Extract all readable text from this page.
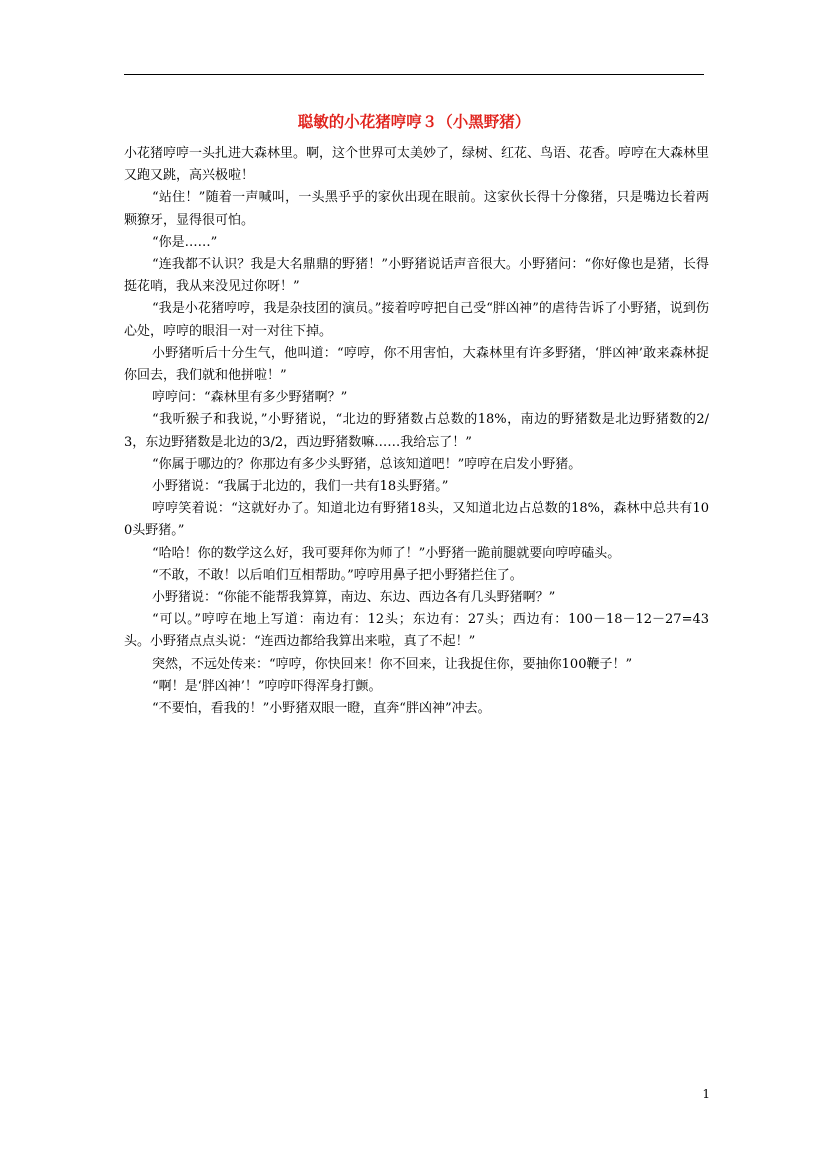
聪敏的小花猪哼哼３（小黑野猪）

小花猪哼哼一头扎进大森林里。啊，这个世界可太美妙了，绿树、红花、鸟语、花香。哼哼在大森林里又跑又跳，高兴极啦！

“站住！”随着一声喊叫，一头黑乎乎的家伙出现在眼前。这家伙长得十分像猪，只是嘴边长着两颗獠牙，显得很可怕。

“你是……”

“连我都不认识？我是大名鼎鼎的野猪！”小野猪说话声音很大。小野猪问：“你好像也是猪，长得挺花哨，我从来没见过你呀！”

“我是小花猪哼哼，我是杂技团的演员。”接着哼哼把自己受“胖凶神”的虐待告诉了小野猪，说到伤心处，哼哼的眼泪一对一对往下掉。

小野猪听后十分生气，他叫道：“哼哼，你不用害怕，大森林里有许多野猪，‘胖凶神’敢来森林捉你回去，我们就和他拼啦！”

哼哼问：“森林里有多少野猪啊？”

“我听猴子和我说，”小野猪说，“北边的野猪数占总数的18%，南边的野猪数是北边野猪数的2/3，东边野猪数是北边的3/2，西边野猪数嘛……我给忘了！”

“你属于哪边的？你那边有多少头野猪，总该知道吧！”哼哼在启发小野猪。

小野猪说：“我属于北边的，我们一共有18头野猪。”

哼哼笑着说：“这就好办了。知道北边有野猪18头，又知道北边占总数的18%，森林中总共有100头野猪。”

“哈哈！你的数学这么好，我可要拜你为师了！”小野猪一跪前腿就要向哼哼磕头。

“不敢，不敢！以后咱们互相帮助。”哼哼用鼻子把小野猪拦住了。

小野猪说：“你能不能帮我算算，南边、东边、西边各有几头野猪啊？”

“可以。”哼哼在地上写道：南边有：12头；东边有：27头；西边有：100－18－12－27=43头。小野猪点点头说：“连西边都给我算出来啦，真了不起！”

突然，不远处传来：“哼哼，你快回来！你不回来，让我捉住你，要抽你100鞭子！”

“啊！是‘胖凶神’！”哼哼吓得浑身打颤。

“不要怕，看我的！”小野猪双眼一瞪，直奔“胖凶神”冲去。

1
